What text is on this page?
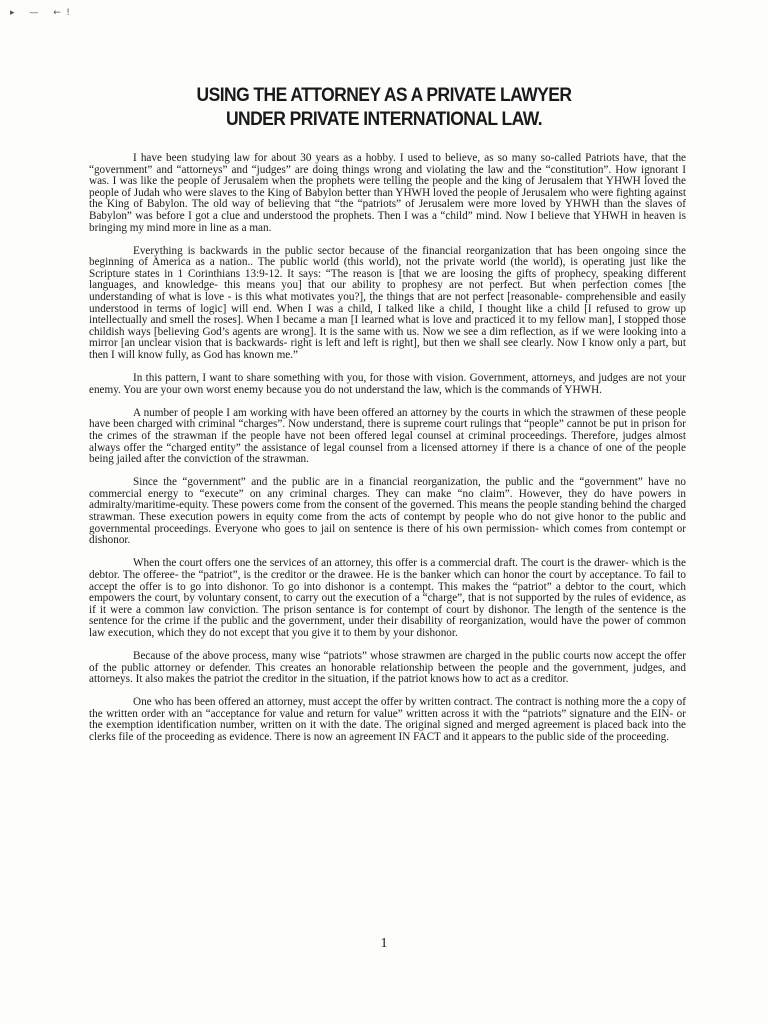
▸ — ←ǃ
USING THE ATTORNEY AS A PRIVATE LAWYER
UNDER PRIVATE INTERNATIONAL LAW.

I have been studying law for about 30 years as a hobby. I used to believe, as so many so-called Patriots have, that the “government” and “attorneys” and “judges” are doing things wrong and violating the law and the “constitution”. How ignorant I was. I was like the people of Jerusalem when the prophets were telling the people and the king of Jerusalem that YHWH loved the people of Judah who were slaves to the King of Babylon better than YHWH loved the people of Jerusalem who were fighting against the King of Babylon. The old way of believing that “the “patriots” of Jerusalem were more loved by YHWH than the slaves of Babylon” was before I got a clue and understood the prophets. Then I was a “child” mind. Now I believe that YHWH in heaven is bringing my mind more in line as a man.

Everything is backwards in the public sector because of the financial reorganization that has been ongoing since the beginning of America as a nation.. The public world (this world), not the private world (the world), is operating just like the Scripture states in 1 Corinthians 13:9-12. It says: “The reason is [that we are loosing the gifts of prophecy, speaking different languages, and knowledge- this means you] that our ability to prophesy are not perfect. But when perfection comes [the understanding of what is love - is this what motivates you?], the things that are not perfect [reasonable- comprehensible and easily understood in terms of logic] will end. When I was a child, I talked like a child, I thought like a child [I refused to grow up intellectually and smell the roses]. When I became a man [I learned what is love and practiced it to my fellow man], I stopped those childish ways [believing God’s agents are wrong]. It is the same with us. Now we see a dim reflection, as if we were looking into a mirror [an unclear vision that is backwards- right is left and left is right], but then we shall see clearly. Now I know only a part, but then I will know fully, as God has known me.”

In this pattern, I want to share something with you, for those with vision. Government, attorneys, and judges are not your enemy. You are your own worst enemy because you do not understand the law, which is the commands of YHWH.

A number of people I am working with have been offered an attorney by the courts in which the strawmen of these people have been charged with criminal “charges”. Now understand, there is supreme court rulings that “people” cannot be put in prison for the crimes of the strawman if the people have not been offered legal counsel at criminal proceedings. Therefore, judges almost always offer the “charged entity” the assistance of legal counsel from a licensed attorney if there is a chance of one of the people being jailed after the conviction of the strawman.

Since the “government” and the public are in a financial reorganization, the public and the “government” have no commercial energy to “execute” on any criminal charges. They can make “no claim”. However, they do have powers in admiralty/maritime-equity. These powers come from the consent of the governed. This means the people standing behind the charged strawman. These execution powers in equity come from the acts of contempt by people who do not give honor to the public and governmental proceedings. Everyone who goes to jail on sentence is there of his own permission- which comes from contempt or dishonor.

When the court offers one the services of an attorney, this offer is a commercial draft. The court is the drawer- which is the debtor. The offeree- the “patriot”, is the creditor or the drawee. He is the banker which can honor the court by acceptance. To fail to accept the offer is to go into dishonor. To go into dishonor is a contempt. This makes the “patriot” a debtor to the court, which empowers the court, by voluntary consent, to carry out the execution of a “charge”, that is not supported by the rules of evidence, as if it were a common law conviction. The prison sentance is for contempt of court by dishonor. The length of the sentence is the sentence for the crime if the public and the government, under their disability of reorganization, would have the power of common law execution, which they do not except that you give it to them by your dishonor.

Because of the above process, many wise “patriots” whose strawmen are charged in the public courts now accept the offer of the public attorney or defender. This creates an honorable relationship between the people and the government, judges, and attorneys. It also makes the patriot the creditor in the situation, if the patriot knows how to act as a creditor.

One who has been offered an attorney, must accept the offer by written contract. The contract is nothing more the a copy of the written order with an “acceptance for value and return for value” written across it with the “patriots” signature and the EIN- or the exemption identification number, written on it with the date. The original signed and merged agreement is placed back into the clerks file of the proceeding as evidence. There is now an agreement IN FACT and it appears to the public side of the proceeding.

1
